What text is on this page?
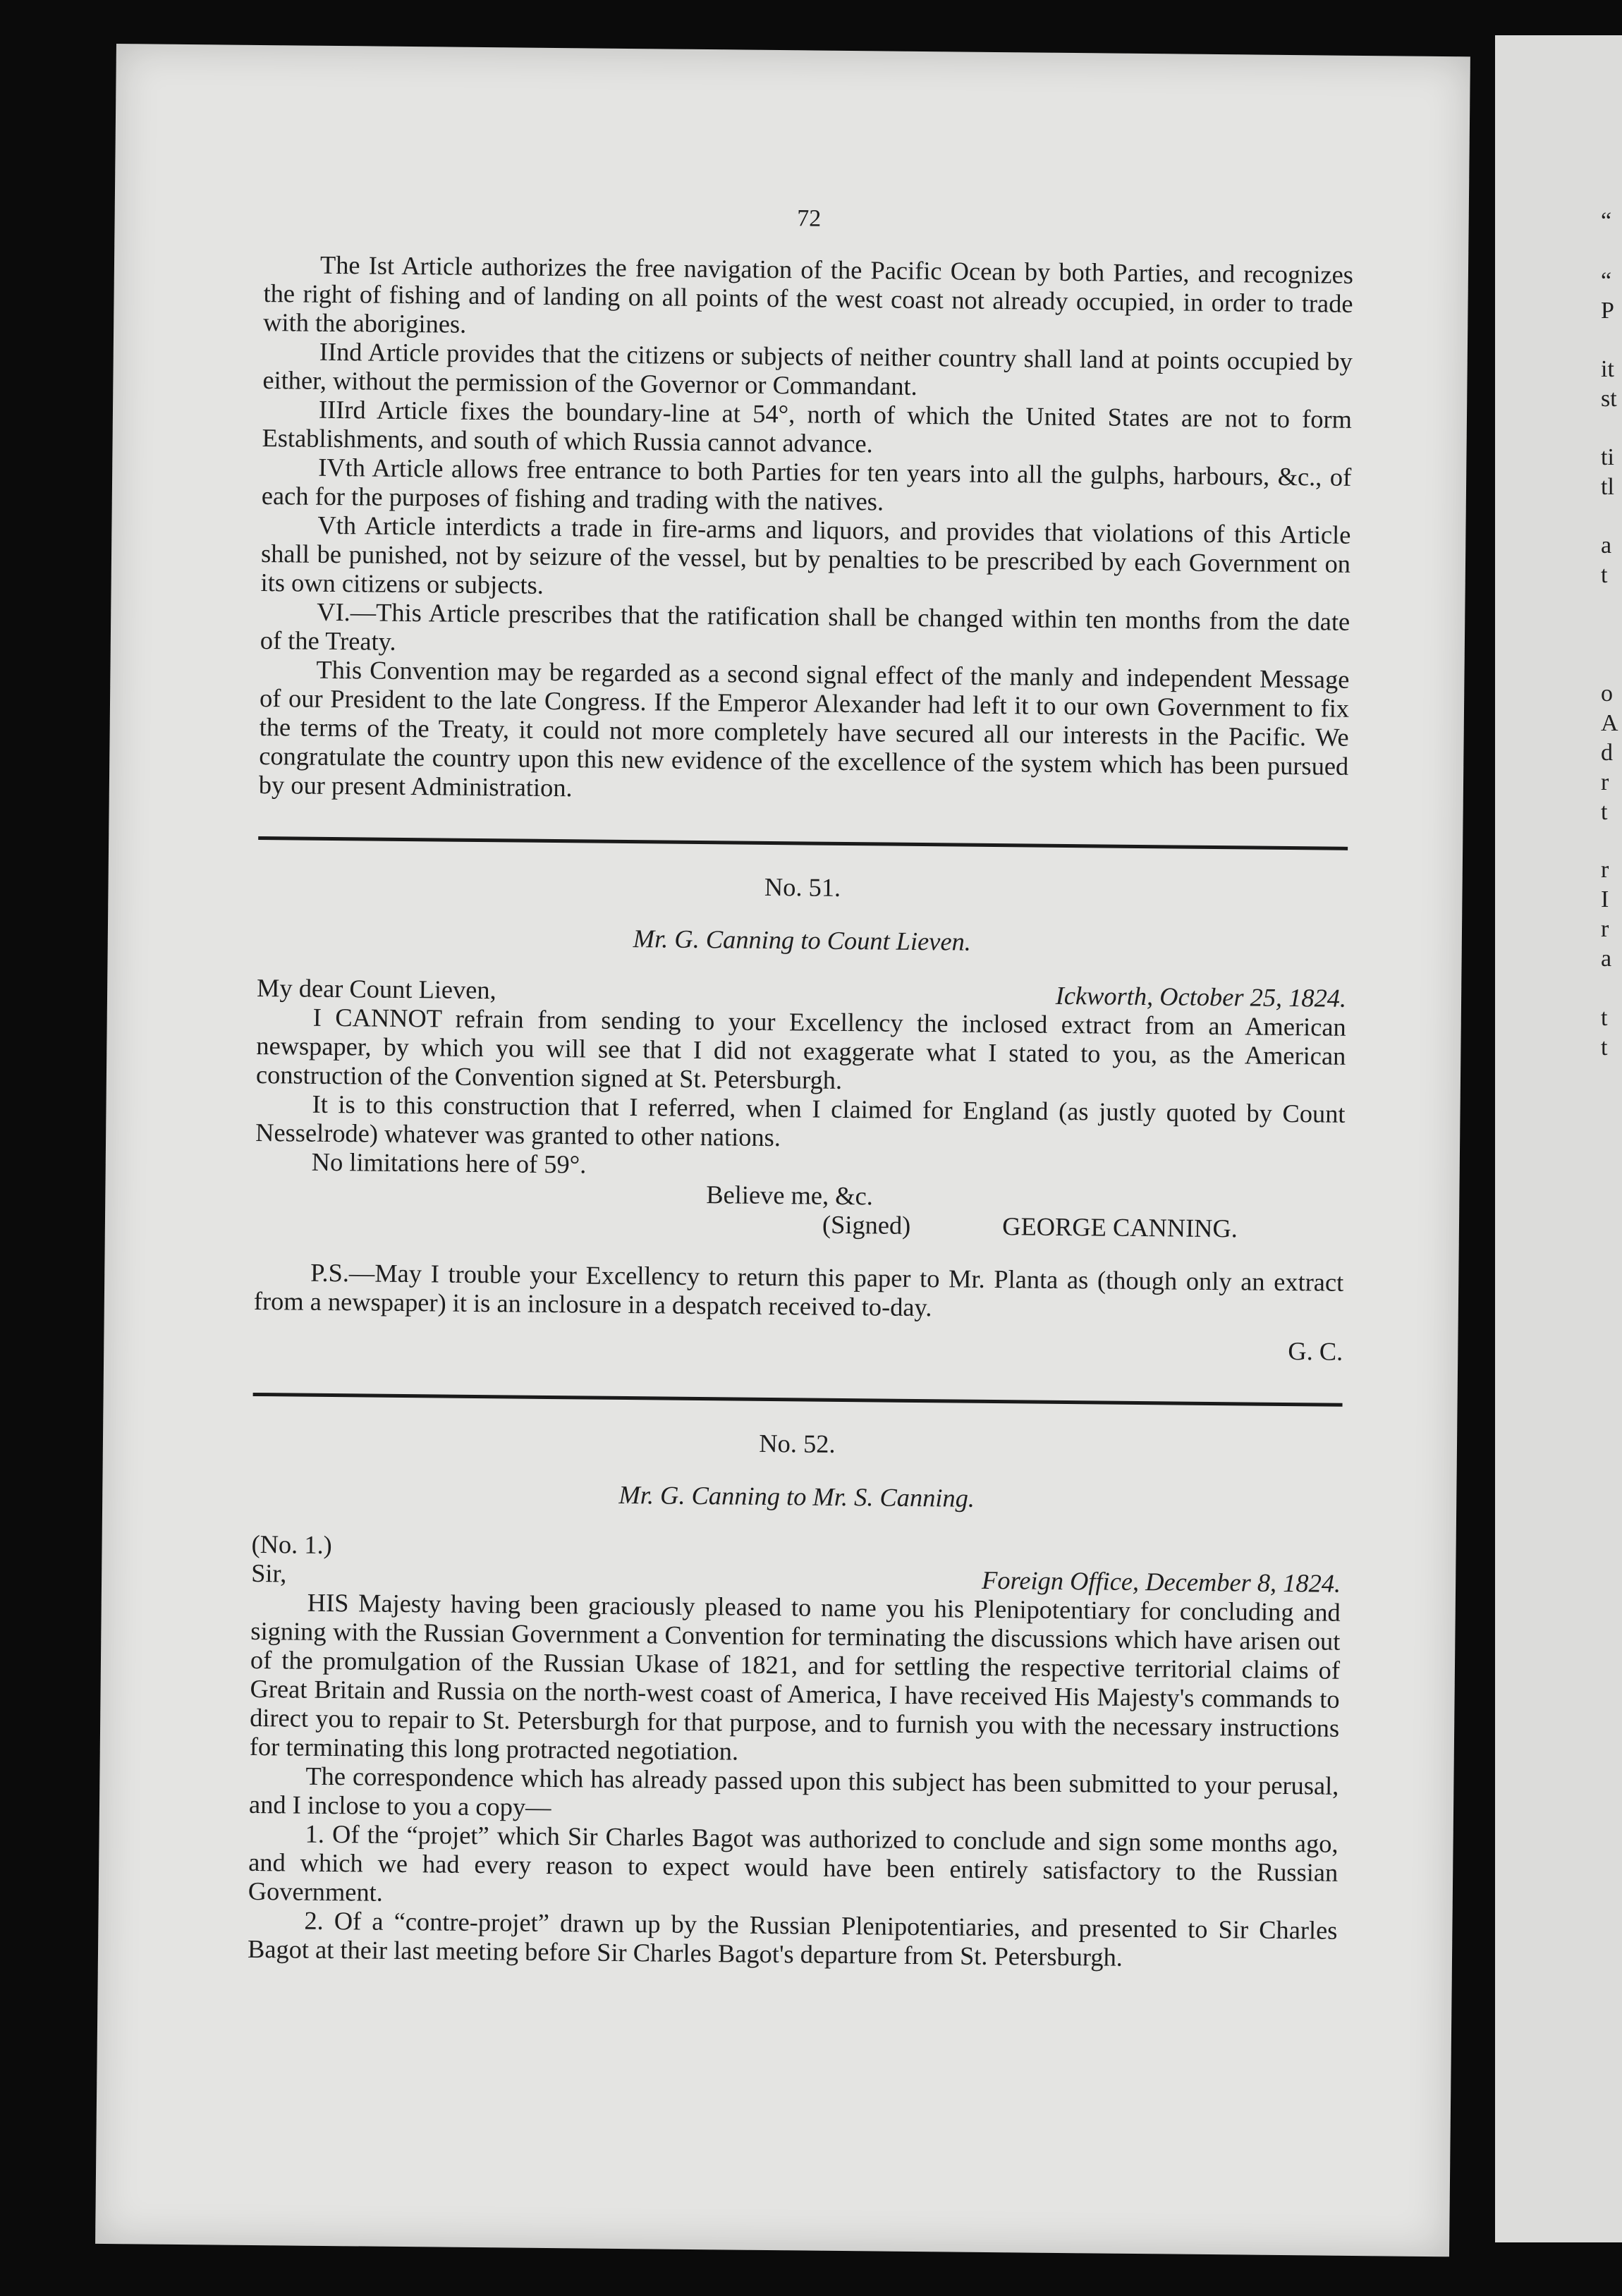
“
“
P
it
st
ti
tl
a
t
o
A
d
r
t
r
I
r
a
t
t
72

The Ist Article authorizes the free navigation of the Pacific Ocean by both Parties, and recognizes the right of fishing and of landing on all points of the west coast not already occupied, in order to trade with the aborigines.

IInd Article provides that the citizens or subjects of neither country shall land at points occupied by either, without the permission of the Governor or Commandant.

IIIrd Article fixes the boundary-line at 54°, north of which the United States are not to form Establishments, and south of which Russia cannot advance.

IVth Article allows free entrance to both Parties for ten years into all the gulphs, harbours, &c., of each for the purposes of fishing and trading with the natives.

Vth Article interdicts a trade in fire-arms and liquors, and provides that violations of this Article shall be punished, not by seizure of the vessel, but by penalties to be prescribed by each Government on its own citizens or subjects.

VI.—This Article prescribes that the ratification shall be changed within ten months from the date of the Treaty.

This Convention may be regarded as a second signal effect of the manly and independent Message of our President to the late Congress. If the Emperor Alexander had left it to our own Government to fix the terms of the Treaty, it could not more completely have secured all our interests in the Pacific. We congratulate the country upon this new evidence of the excellence of the system which has been pursued by our present Administration.

No. 51.
Mr. G. Canning to Count Lieven.
My dear Count Lieven,	Ickworth, October 25, 1824.

I CANNOT refrain from sending to your Excellency the inclosed extract from an American newspaper, by which you will see that I did not exaggerate what I stated to you, as the American construction of the Convention signed at St. Petersburgh.

It is to this construction that I referred, when I claimed for England (as justly quoted by Count Nesselrode) whatever was granted to other nations.

No limitations here of 59°.

Believe me, &c.
(Signed)	GEORGE CANNING.

P.S.—May I trouble your Excellency to return this paper to Mr. Planta as (though only an extract from a newspaper) it is an inclosure in a despatch received to-day.

G. C.
No. 52.
Mr. G. Canning to Mr. S. Canning.
(No. 1.)
Sir,	Foreign Office, December 8, 1824.

HIS Majesty having been graciously pleased to name you his Plenipotentiary for concluding and signing with the Russian Government a Convention for terminating the discussions which have arisen out of the promulgation of the Russian Ukase of 1821, and for settling the respective territorial claims of Great Britain and Russia on the north-west coast of America, I have received His Majesty's commands to direct you to repair to St. Petersburgh for that purpose, and to furnish you with the necessary instructions for terminating this long protracted negotiation.

The correspondence which has already passed upon this subject has been submitted to your perusal, and I inclose to you a copy—

1. Of the “projet” which Sir Charles Bagot was authorized to conclude and sign some months ago, and which we had every reason to expect would have been entirely satisfactory to the Russian Government.

2. Of a “contre-projet” drawn up by the Russian Plenipotentiaries, and presented to Sir Charles Bagot at their last meeting before Sir Charles Bagot's departure from St. Petersburgh.
